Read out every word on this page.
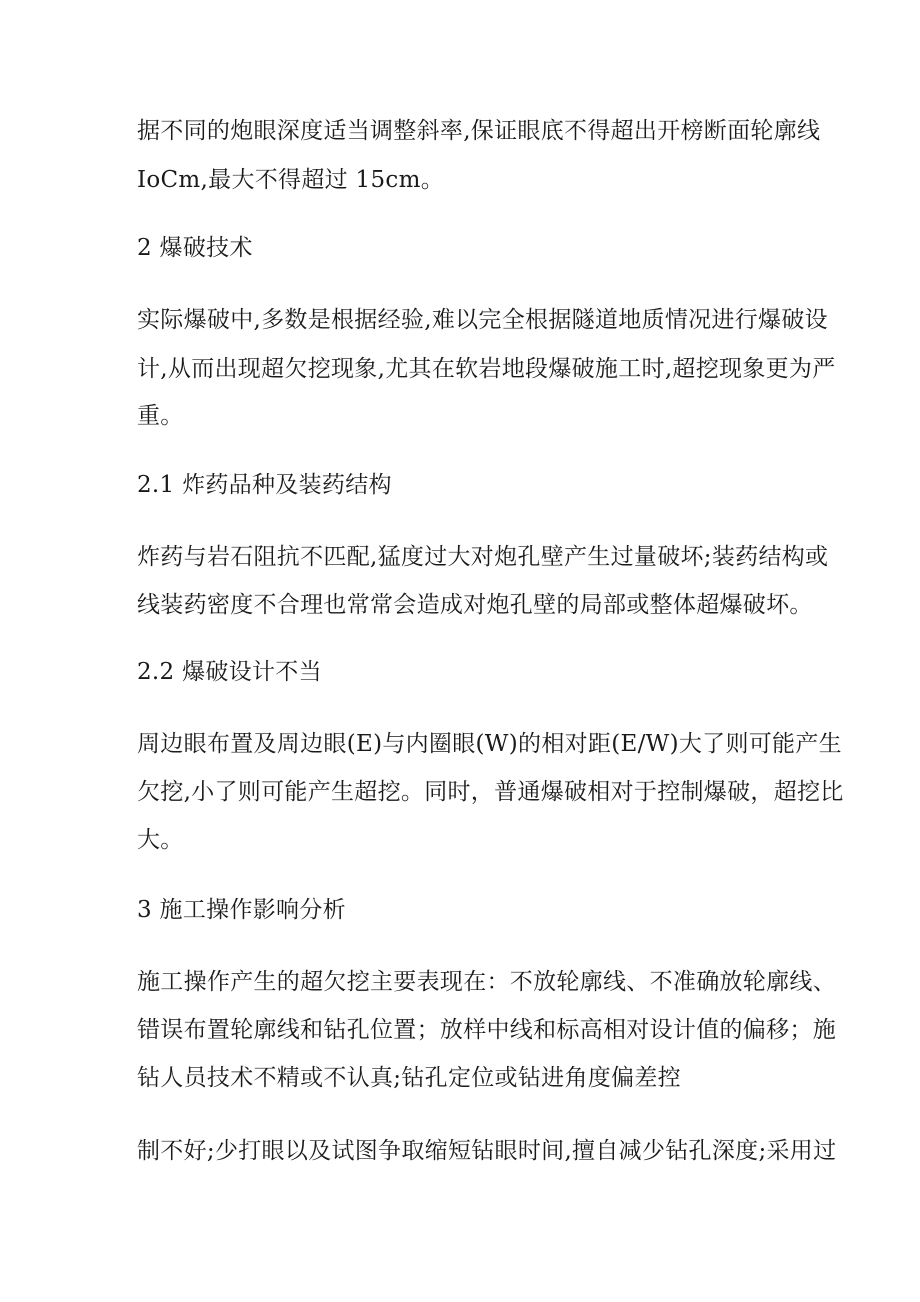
据不同的炮眼深度适当调整斜率,保证眼底不得超出开榜断面轮廓线
IoCm,最大不得超过 15cm。
2 爆破技术
实际爆破中,多数是根据经验,难以完全根据隧道地质情况进行爆破设
计,从而出现超欠挖现象,尤其在软岩地段爆破施工时,超挖现象更为严
重。
2.1 炸药品种及装药结构
炸药与岩石阻抗不匹配,猛度过大对炮孔壁产生过量破坏;装药结构或
线装药密度不合理也常常会造成对炮孔壁的局部或整体超爆破坏。
2.2 爆破设计不当
周边眼布置及周边眼(E)与内圈眼(W)的相对距(E/W)大了则可能产生
欠挖,小了则可能产生超挖。同时，普通爆破相对于控制爆破，超挖比
大。
3 施工操作影响分析
施工操作产生的超欠挖主要表现在：不放轮廓线、不准确放轮廓线、
错误布置轮廓线和钻孔位置；放样中线和标高相对设计值的偏移；施
钻人员技术不精或不认真;钻孔定位或钻进角度偏差控
制不好;少打眼以及试图争取缩短钻眼时间,擅自减少钻孔深度;采用过
